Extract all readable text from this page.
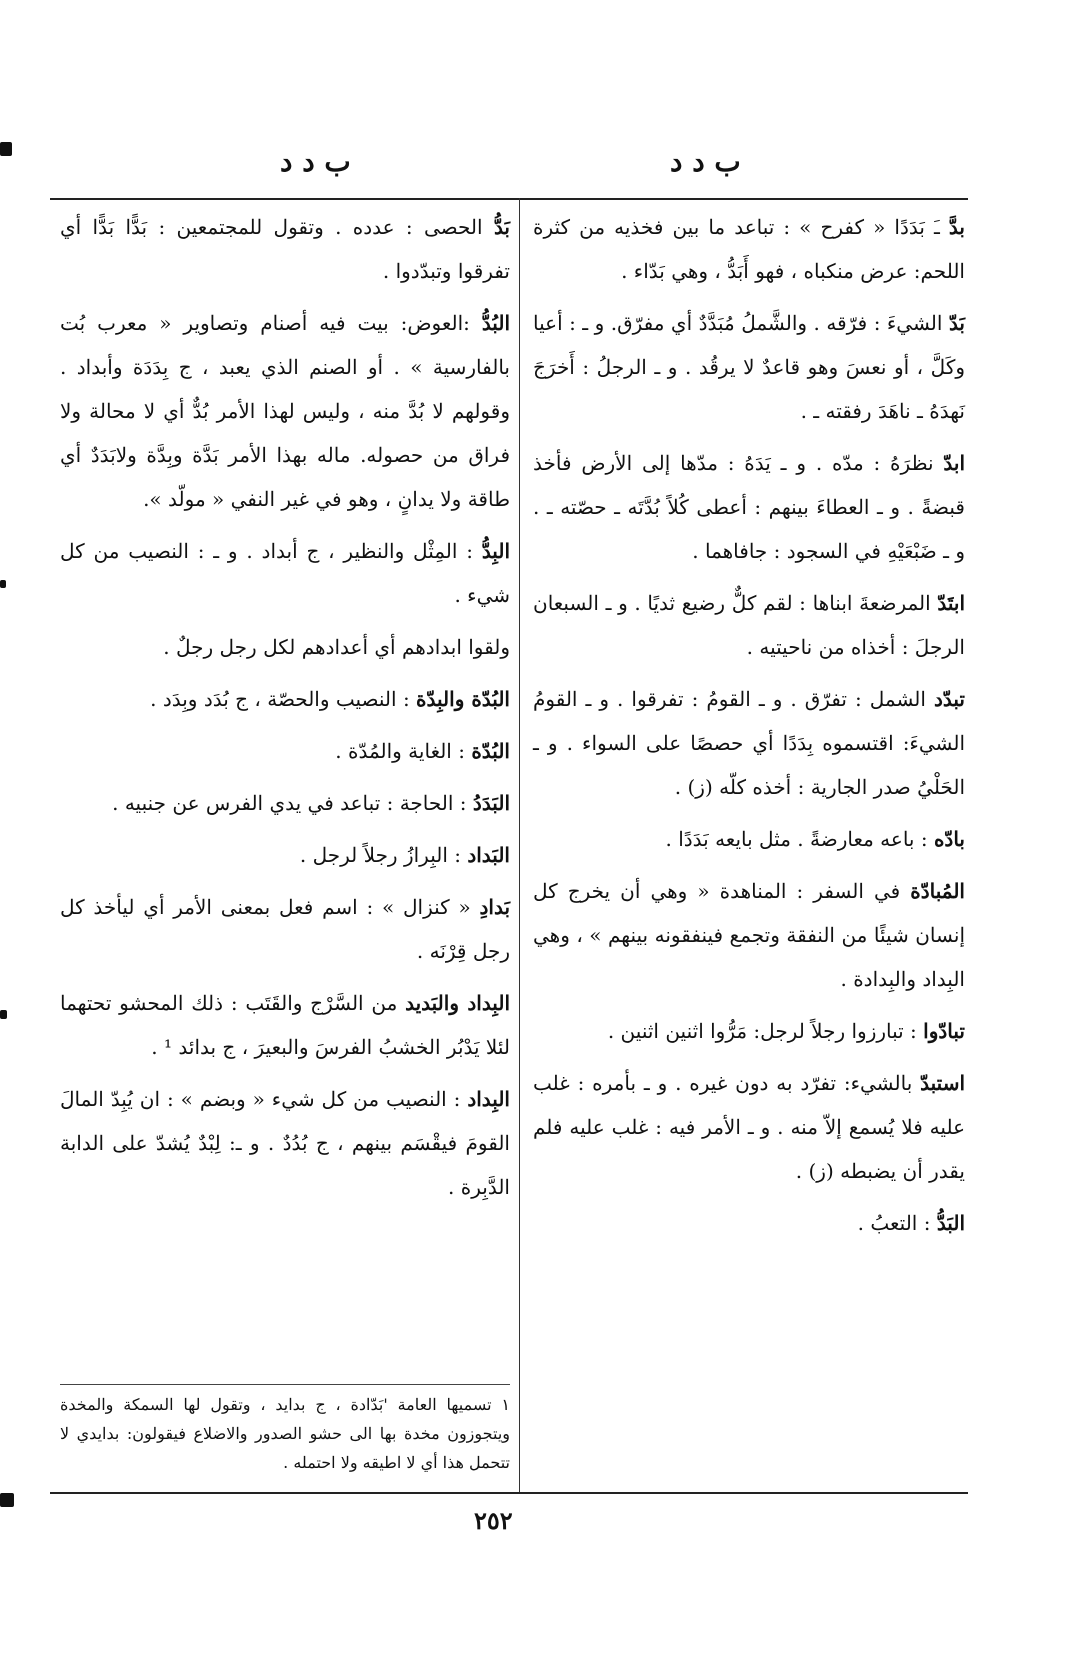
ب د د
ب د د

بدَّ ـَ بَدَدًا « كفرح » : تباعد ما بين فخذيه من كثرة اللحم: عرض منكباه ، فهو أَبَدُّ ، وهي بَدّاء .

بَدّ الشيءَ : فرّقه . والشَّملُ مُبَدَّدٌ أي مفرّق. و ـ : أعيا وكَلَّ ، أو نعسَ وهو قاعدٌ لا يرقُد . و ـ الرجلُ : أَخرَجَ نَهدَهُ ـ ناهَدَ رفقته ـ .

ابدّ نظرَهُ : مدّه . و ـ يَدَهُ : مدّها إلى الأرض فأخذ قبضةً . و ـ العطاءَ بينهم : أعطى كُلاً بُدَّتَه ـ حصّته ـ . و ـ ضَبْعَيْهِ في السجود : جافاهما .

ابتَدّ المرضعةَ ابناها : لقم كلٌّ رضيع ثديًا . و ـ السبعان الرجلَ : أخذاه من ناحيتيه .

تبدّد الشمل : تفرّق . و ـ القومُ : تفرقوا . و ـ القومُ الشيءَ: اقتسموه بِدَدًا أي حصصًا على السواء . و ـ الحَلْيُ صدر الجارية : أخذه كلّه (ز) .

بادّه : باعه معارضةً . مثل بايعه بَدَدًا .

المُبادّة في السفر : المناهدة « وهي أن يخرج كل إنسان شيئًا من النفقة وتجمع فينفقونه بينهم » ، وهي البِداد والبِدادة .

تبادّوا : تبارزوا رجلاً لرجل: مَرُّوا اثنين اثنين .

استبدّ بالشيء: تفرّد به دون غيره . و ـ بأمره : غلب عليه فلا يُسمع إلاّ منه . و ـ الأمر فيه : غلب عليه فلم يقدر أن يضبطه (ز) .

البَدُّ : التعبُ .

بَدُّ الحصى : عدده . وتقول للمجتمعين : بَدًّا بَدًّا أي تفرقوا وتبدّدوا .

البُدُّ :العوض: بيت فيه أصنام وتصاوير « معرب بُت بالفارسية » . أو الصنم الذي يعبد ، ج بِدَدَة وأبداد . وقولهم لا بُدَّ منه ، وليس لهذا الأمر بُدٌّ أي لا محالة ولا فراق من حصوله. ماله بهذا الأمر بَدَّة وبِدَّة ولابَدَدٌ أي طاقة ولا يدانٍ ، وهو في غير النفي « مولّد ».

البِدُّ : المِثْل والنظير ، ج أبداد . و ـ : النصيب من كل شيء .

ولقوا ابدادهم أي أعدادهم لكل رجل رجلٌ .

البُدّة والبِدّة : النصيب والحصّة ، ج بُدَد وبِدَد .

البُدّة : الغاية والمُدّة .

البَدَدُ : الحاجة : تباعد في يدي الفرس عن جنبيه .

البَداد : البِرازُ رجلاً لرجل .

بَدادِ « كنزال » : اسم فعل بمعنى الأمر أي ليأخذ كل رجل قِرْنَه .

البِداد والبَديد من السَّرْج والقَتَب : ذلك المحشو تحتهما لئلا يَدْبُر الخشبُ الفرسَ والبعيرَ ، ج بدائد ¹ .

البِداد : النصيب من كل شيء « وبضم » : ان يُبِدّ المالَ القومَ فيقْسَم بينهم ، ج بُدُدٌ . و ـ: لِبْدٌ يُشدّ على الدابة الدَّبِرة .

١ تسميها العامة 'بَدّادة ، ج بدايد ، وتقول لها السمكة والمخدة ويتجوزون مخدة بها الى حشو الصدور والاضلاع فيقولون: بدايدي لا تتحمل هذا أي لا اطيقه ولا احتمله .
٢٥٢
